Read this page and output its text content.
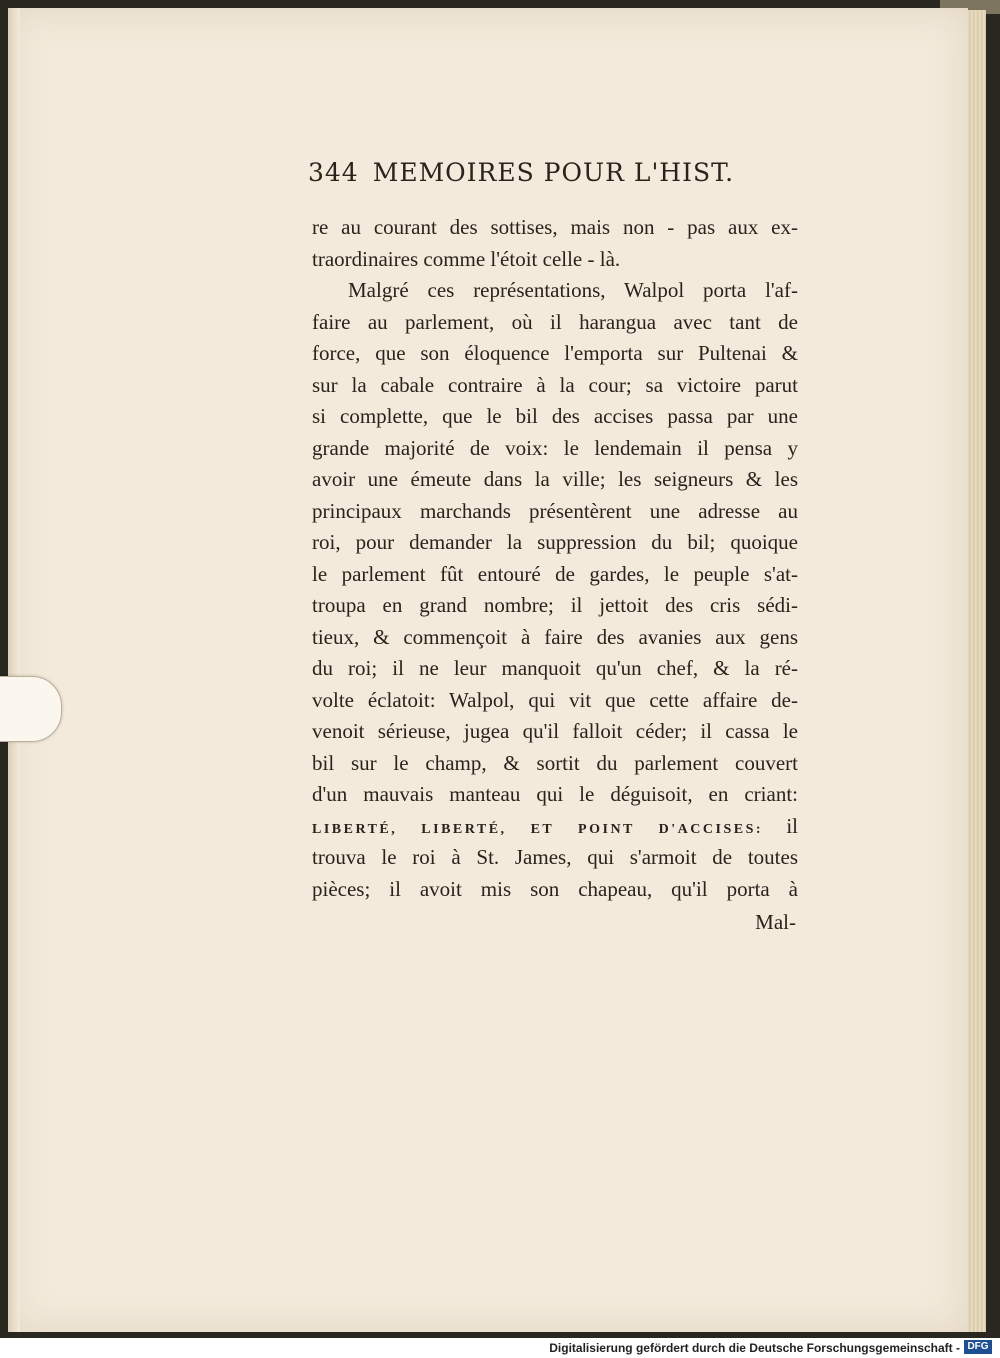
344 MEMOIRES POUR L'HIST.
re au courant des sottises, mais non - pas aux ex-
traordinaires comme l'étoit celle - là.
Malgré ces représentations, Walpol porta l'af-
faire au parlement, où il harangua avec tant de
force, que son éloquence l'emporta sur Pultenai &
sur la cabale contraire à la cour; sa victoire parut
si complette, que le bil des accises passa par une
grande majorité de voix: le lendemain il pensa y
avoir une émeute dans la ville; les seigneurs & les
principaux marchands présentèrent une adresse au
roi, pour demander la suppression du bil; quoique
le parlement fût entouré de gardes, le peuple s'at-
troupa en grand nombre; il jettoit des cris sédi-
tieux, & commençoit à faire des avanies aux gens
du roi; il ne leur manquoit qu'un chef, & la ré-
volte éclatoit: Walpol, qui vit que cette affaire de-
venoit sérieuse, jugea qu'il falloit céder; il cassa le
bil sur le champ, & sortit du parlement couvert
d'un mauvais manteau qui le déguisoit, en criant:
LIBERTÉ, LIBERTÉ, ET POINT D'ACCISES: il
trouva le roi à St. James, qui s'armoit de toutes
pièces; il avoit mis son chapeau, qu'il porta à
Mal-
Digitalisierung gefördert durch die Deutsche Forschungsgemeinschaft - DFG
